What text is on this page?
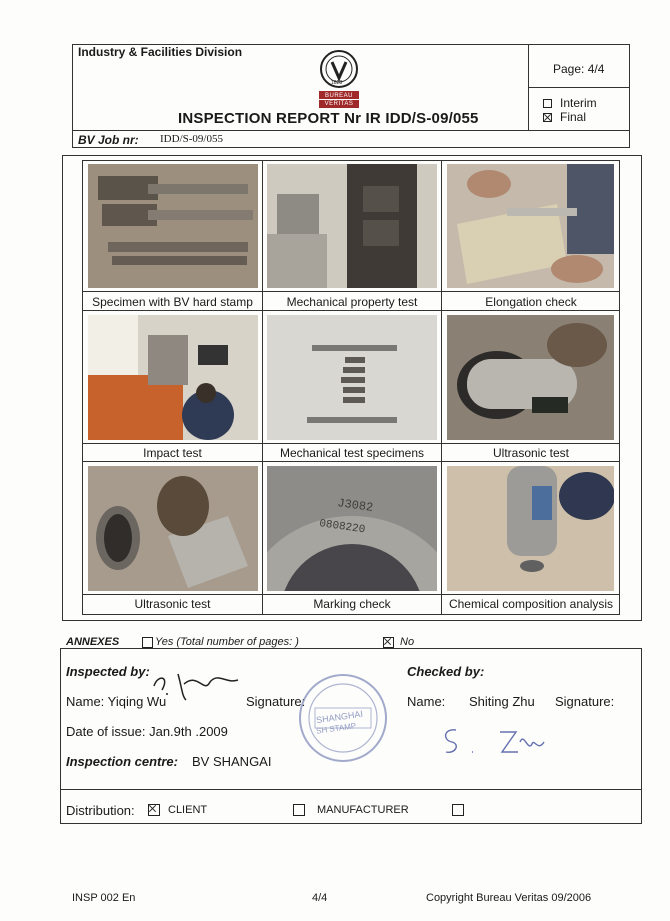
Industry & Facilities Division
BUREAU VERITAS
1828
INSPECTION REPORT Nr IR IDD/S-09/055
Page: 4/4
Interim
Final
BV Job nr: IDD/S-09/055
J3082
0808220
Specimen with BV hard stamp	Mechanical property test	Elongation check
Impact test	Mechanical test specimens	Ultrasonic test
Ultrasonic test	Marking check	Chemical composition analysis
ANNEXES	Yes (Total number of pages: )	No
Inspected by:
Name: Yiqing Wu	Signature:
SHANGHAI
SH STAMP
Date of issue: Jan.9th .2009
Inspection centre: BV SHANGAI
Checked by:
Name: Shiting Zhu Signature:
Distribution:	CLIENT	MANUFACTURER
INSP 002 En	4/4	Copyright Bureau Veritas 09/2006
